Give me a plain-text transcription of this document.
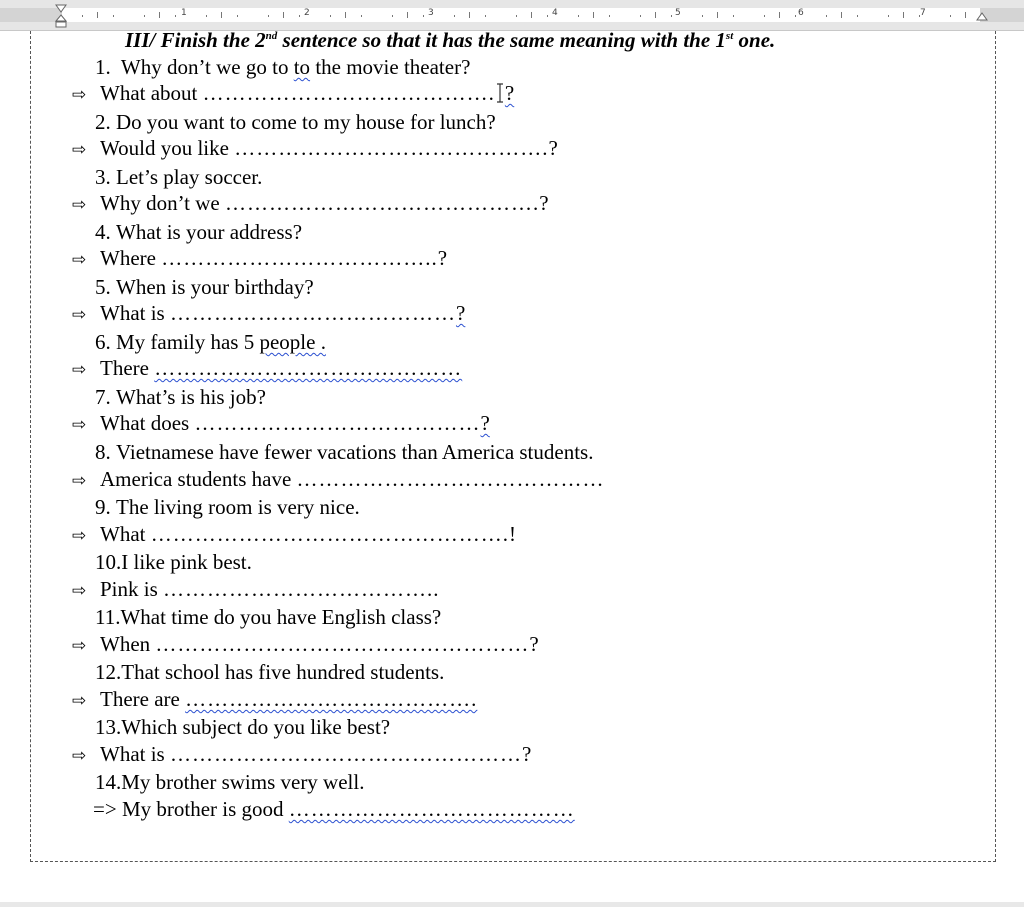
1	2	3	4	5	6	7
III/ Finish the 2nd sentence so that it has the same meaning with the 1st one.
1. Why don’t we go to to the movie theater?
⇨ What about …………………………………. ?
2. Do you want to come to my house for lunch?
⇨ Would you like …………………………………….?
3. Let’s play soccer.
⇨ Why don’t we …………………………………….?
4. What is your address?
⇨ Where ………………………………..?
5. When is your birthday?
⇨ What is …………………………………?
6. My family has 5 people .
⇨ There ……………………………………
7. What’s is his job?
⇨ What does …………………………………?
8. Vietnamese have fewer vacations than America students.
⇨ America students have ……………………………………
9. The living room is very nice.
⇨ What ………………………………………….!
10.I like pink best.
⇨ Pink is ………………………………..
11.What time do you have English class?
⇨ When ……………………………………………?
12.That school has five hundred students.
⇨ There are ………………………………….
13.Which subject do you like best?
⇨ What is …………………………………………?
14.My brother swims very well.
=> My brother is good …………………………………
